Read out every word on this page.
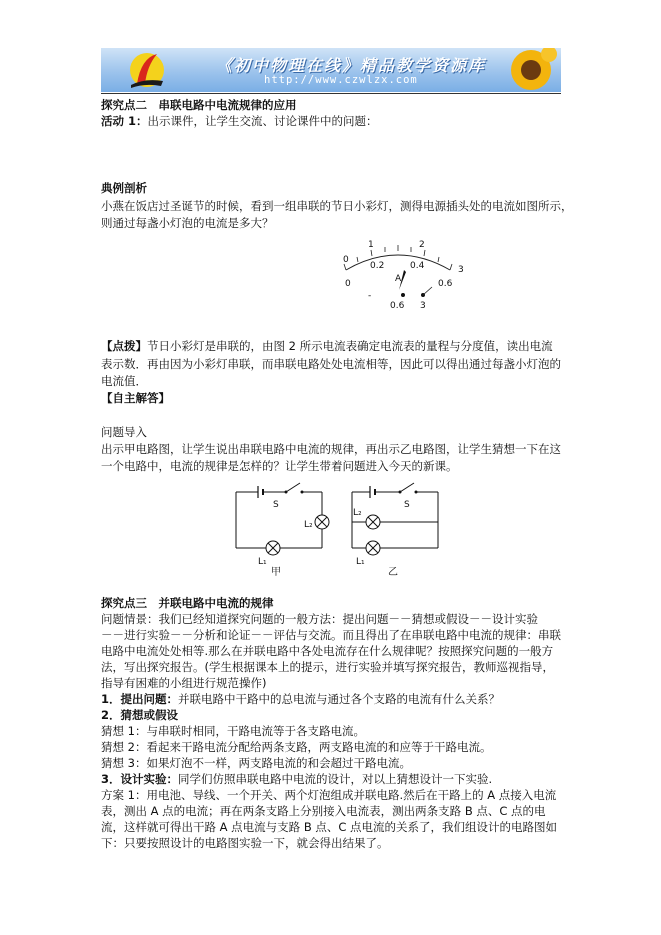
《初中物理在线》精品教学资源库
http://www.czwlzx.com
探究点二　串联电路中电流规律的应用
活动 1：出示课件，让学生交流、讨论课件中的问题：
典例剖析
小燕在饭店过圣诞节的时候，看到一组串联的节日小彩灯，测得电源插头处的电流如图所示，
则通过每盏小灯泡的电流是多大？
0
1	2
3
0
0.2	0.4
0.6
A
-
0.6 3
【点拨】节日小彩灯是串联的，由图 2 所示电流表确定电流表的量程与分度值，读出电流
表示数．再由因为小彩灯串联，而串联电路处处电流相等，因此可以得出通过每盏小灯泡的
电流值．
【自主解答】
问题导入
出示甲电路图，让学生说出串联电路中电流的规律，再出示乙电路图，让学生猜想一下在这
一个电路中，电流的规律是怎样的？让学生带着问题进入今天的新课。
S
L₂
L₁
甲
S
L₂
L₁
乙
探究点三　并联电路中电流的规律
问题情景：我们已经知道探究问题的一般方法：提出问题－－猜想或假设－－设计实验
－－进行实验－－分析和论证－－评估与交流。而且得出了在串联电路中电流的规律：串联
电路中电流处处相等.那么在并联电路中各处电流存在什么规律呢？按照探究问题的一般方
法，写出探究报告。(学生根据课本上的提示，进行实验并填写探究报告，教师巡视指导，
指导有困难的小组进行规范操作)
1．提出问题：并联电路中干路中的总电流与通过各个支路的电流有什么关系？
2．猜想或假设
猜想 1：与串联时相同，干路电流等于各支路电流。
猜想 2：看起来干路电流分配给两条支路，两支路电流的和应等于干路电流。
猜想 3：如果灯泡不一样，两支路电流的和会超过干路电流。
3．设计实验：同学们仿照串联电路中电流的设计，对以上猜想设计一下实验.
方案 1：用电池、导线、一个开关、两个灯泡组成并联电路.然后在干路上的 A 点接入电流
表，测出 A 点的电流；再在两条支路上分别接入电流表，测出两条支路 B 点、C 点的电
流，这样就可得出干路 A 点电流与支路 B 点、C 点电流的关系了，我们组设计的电路图如
下：只要按照设计的电路图实验一下，就会得出结果了。
